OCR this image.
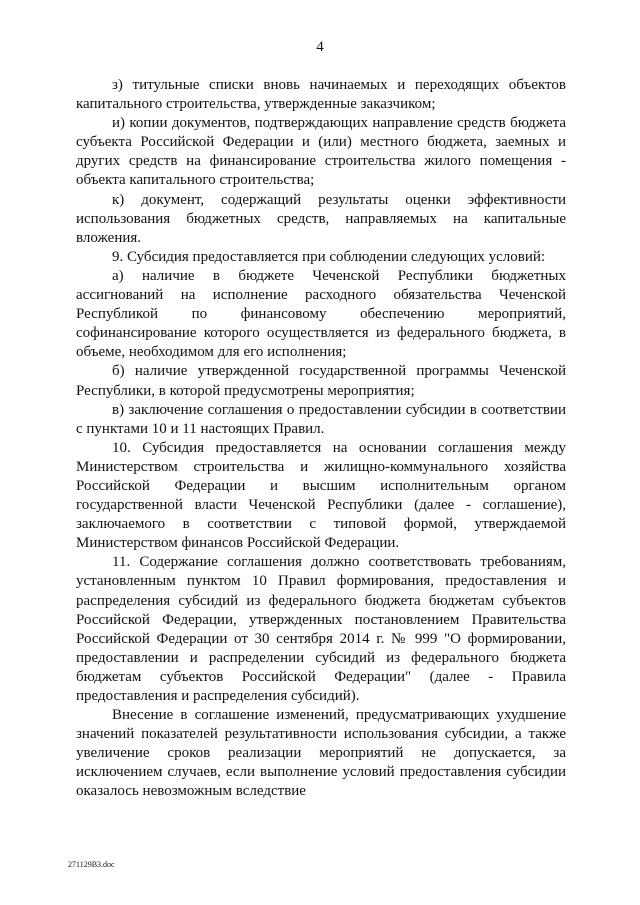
4

з) титульные списки вновь начинаемых и переходящих объектов капитального строительства, утвержденные заказчиком;

и) копии документов, подтверждающих направление средств бюджета субъекта Российской Федерации и (или) местного бюджета, заемных и других средств на финансирование строительства жилого помещения - объекта капитального строительства;

к) документ, содержащий результаты оценки эффективности использования бюджетных средств, направляемых на капитальные вложения.

9. Субсидия предоставляется при соблюдении следующих условий:

а) наличие в бюджете Чеченской Республики бюджетных ассигнований на исполнение расходного обязательства Чеченской Республикой по финансовому обеспечению мероприятий, софинансирование которого осуществляется из федерального бюджета, в объеме, необходимом для его исполнения;

б) наличие утвержденной государственной программы Чеченской Республики, в которой предусмотрены мероприятия;

в) заключение соглашения о предоставлении субсидии в соответствии с пунктами 10 и 11 настоящих Правил.

10. Субсидия предоставляется на основании соглашения между Министерством строительства и жилищно-коммунального хозяйства Российской Федерации и высшим исполнительным органом государственной власти Чеченской Республики (далее - соглашение), заключаемого в соответствии с типовой формой, утверждаемой Министерством финансов Российской Федерации.

11. Содержание соглашения должно соответствовать требованиям, установленным пунктом 10 Правил формирования, предоставления и распределения субсидий из федерального бюджета бюджетам субъектов Российской Федерации, утвержденных постановлением Правительства Российской Федерации от 30 сентября 2014 г. № 999 "О формировании, предоставлении и распределении субсидий из федерального бюджета бюджетам субъектов Российской Федерации" (далее - Правила предоставления и распределения субсидий).

Внесение в соглашение изменений, предусматривающих ухудшение значений показателей результативности использования субсидии, а также увеличение сроков реализации мероприятий не допускается, за исключением случаев, если выполнение условий предоставления субсидии оказалось невозможным вследствие

271129B3.doc
